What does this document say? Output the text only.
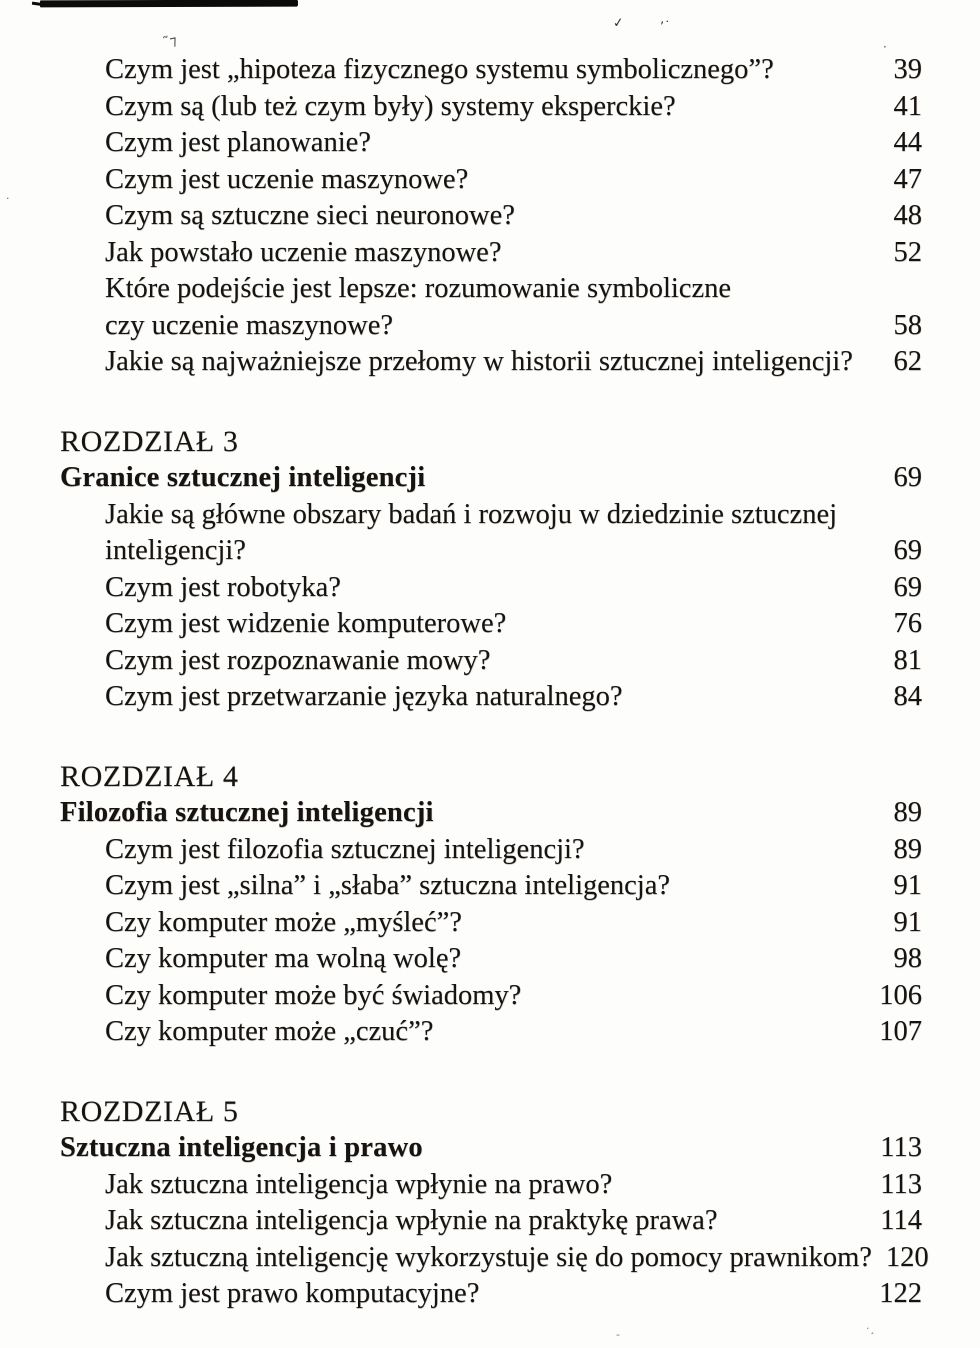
˜⁊
✓	ʼ˙
·
·
-	·¸
Czym jest „hipoteza fizycznego systemu symbolicznego”?	39
Czym są (lub też czym były) systemy eksperckie?	41
Czym jest planowanie?	44
Czym jest uczenie maszynowe?	47
Czym są sztuczne sieci neuronowe?	48
Jak powstało uczenie maszynowe?	52
Które podejście jest lepsze: rozumowanie symboliczne
czy uczenie maszynowe?	58
Jakie są najważniejsze przełomy w historii sztucznej inteligencji?	62
ROZDZIAŁ 3
Granice sztucznej inteligencji	69
Jakie są główne obszary badań i rozwoju w dziedzinie sztucznej
inteligencji?	69
Czym jest robotyka?	69
Czym jest widzenie komputerowe?	76
Czym jest rozpoznawanie mowy?	81
Czym jest przetwarzanie języka naturalnego?	84
ROZDZIAŁ 4
Filozofia sztucznej inteligencji	89
Czym jest filozofia sztucznej inteligencji?	89
Czym jest „silna” i „słaba” sztuczna inteligencja?	91
Czy komputer może „myśleć”?	91
Czy komputer ma wolną wolę?	98
Czy komputer może być świadomy?	106
Czy komputer może „czuć”?	107
ROZDZIAŁ 5
Sztuczna inteligencja i prawo	113
Jak sztuczna inteligencja wpłynie na prawo?	113
Jak sztuczna inteligencja wpłynie na praktykę prawa?	114
Jak sztuczną inteligencję wykorzystuje się do pomocy prawnikom? 120
Czym jest prawo komputacyjne?	122
